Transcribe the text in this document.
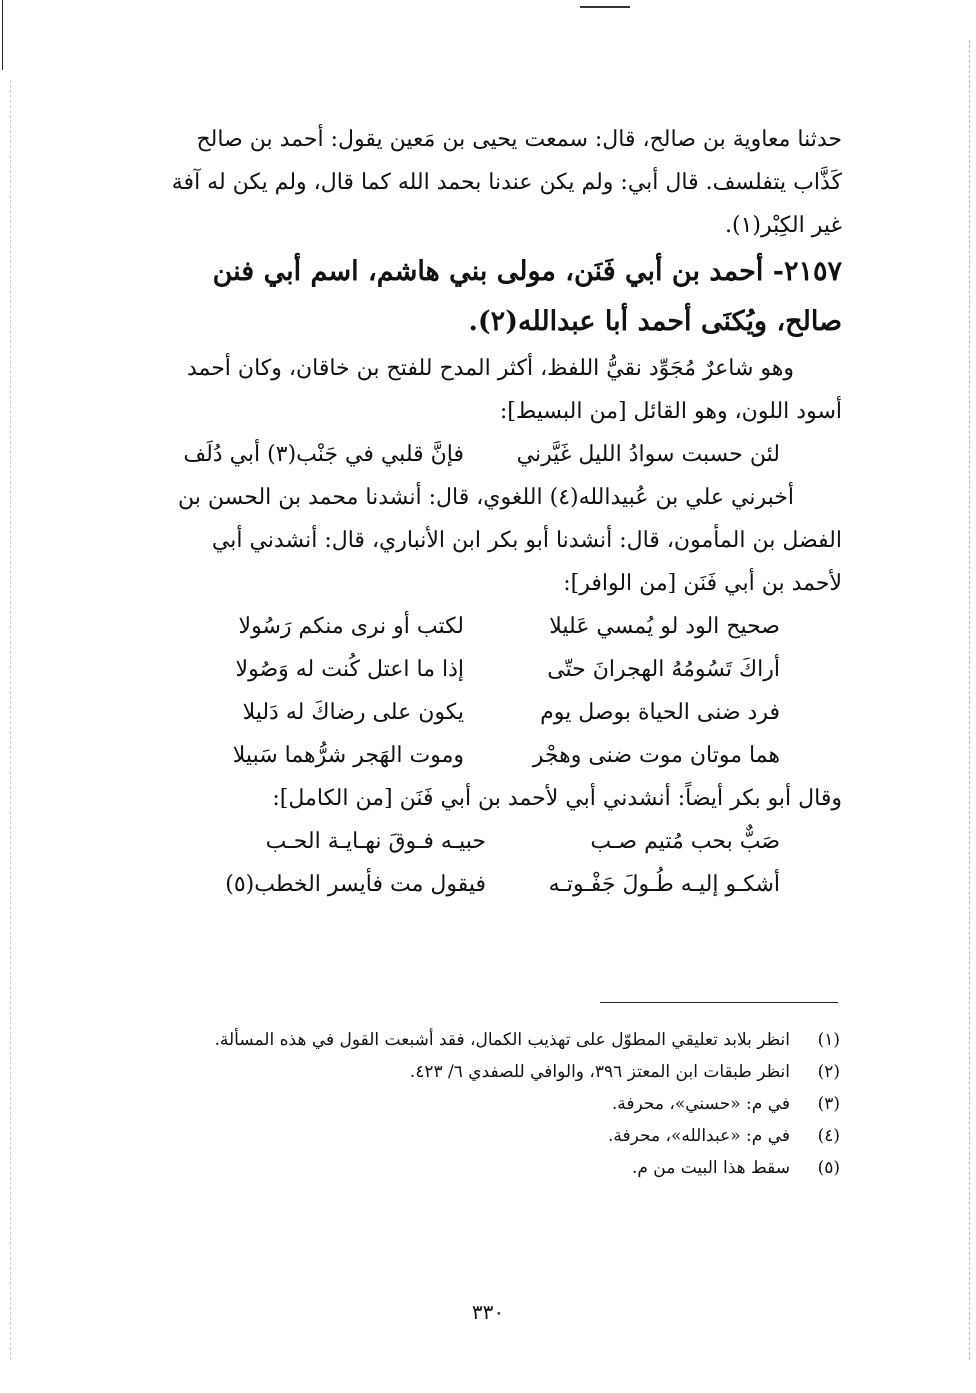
حدثنا معاوية بن صالح، قال: سمعت يحيى بن مَعين يقول: أحمد بن صالح
كَذَّاب يتفلسف. قال أبي: ولم يكن عندنا بحمد الله كما قال، ولم يكن له آفة
غير الكِبْر(١).
٢١٥٧- أحمد بن أبي فَنَن، مولى بني هاشم، اسم أبي فنن
صالح، ويُكنَى أحمد أبا عبدالله(٢).
وهو شاعرٌ مُجَوِّد نقيُّ اللفظ، أكثر المدح للفتح بن خاقان، وكان أحمد
أسود اللون، وهو القائل [من البسيط]:
لئن حسبت سوادُ الليل غَيَّرني
فإنَّ قلبي في جَنْب(٣) أبي دُلَف
أخبرني علي بن عُبيدالله(٤) اللغوي، قال: أنشدنا محمد بن الحسن بن
الفضل بن المأمون، قال: أنشدنا أبو بكر ابن الأنباري، قال: أنشدني أبي
لأحمد بن أبي فَنَن [من الوافر]:
صحيح الود لو يُمسي عَليلا
لكتب أو نرى منكم رَسُولا
أراكَ تَسُومُهُ الهجرانَ حتّى
إذا ما اعتل كُنت له وَصُولا
فرد ضنى الحياة بوصل يوم
يكون على رضاكَ له دَليلا
هما موتان موت ضنى وهجْر
وموت الهَجر شرُّهما سَبيلا
وقال أبو بكر أيضاً: أنشدني أبي لأحمد بن أبي فَنَن [من الكامل]:
صَبٌّ بحب مُتيم صـب
حبيـه فـوقَ نهـايـة الحـب
أشكـو إليـه طُـولَ جَفْـوتـه
فيقول مت فأيسر الخطب(٥)
(١)
انظر بلابد تعليقي المطوّل على تهذيب الكمال، فقد أشبعت القول في هذه المسألة.
(٢)
انظر طبقات ابن المعتز ٣٩٦، والوافي للصفدي ٦/ ٤٢٣.
(٣)
في م: «حسني»، محرفة.
(٤)
في م: «عبدالله»، محرفة.
(٥)
سقط هذا البيت من م.
٣٣٠
